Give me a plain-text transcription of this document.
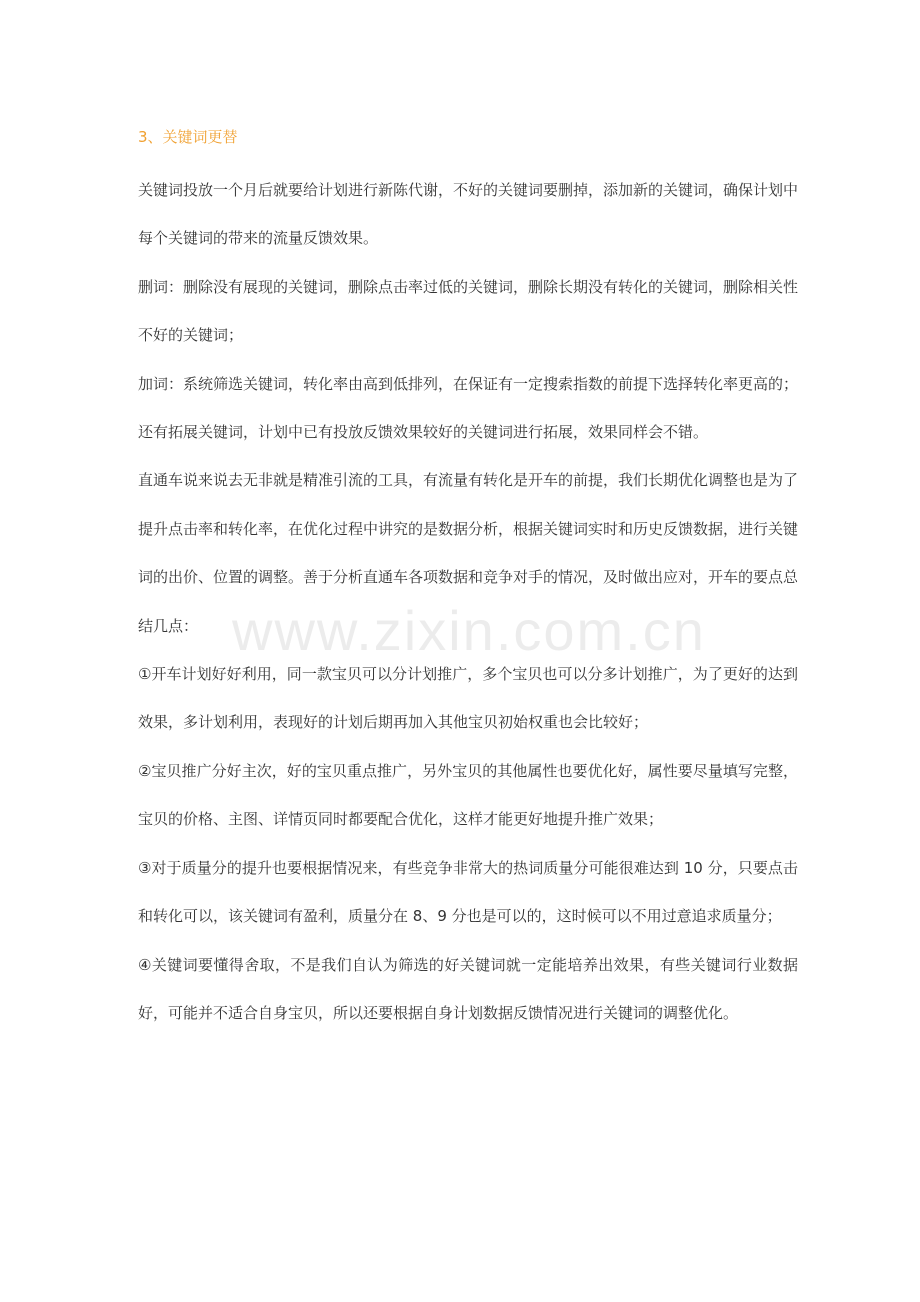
3、关键词更替

关键词投放一个月后就要给计划进行新陈代谢，不好的关键词要删掉，添加新的关键词，确保计划中每个关键词的带来的流量反馈效果。

删词：删除没有展现的关键词，删除点击率过低的关键词，删除长期没有转化的关键词，删除相关性不好的关键词；

加词：系统筛选关键词，转化率由高到低排列，在保证有一定搜索指数的前提下选择转化率更高的；还有拓展关键词，计划中已有投放反馈效果较好的关键词进行拓展，效果同样会不错。

直通车说来说去无非就是精准引流的工具，有流量有转化是开车的前提，我们长期优化调整也是为了提升点击率和转化率，在优化过程中讲究的是数据分析，根据关键词实时和历史反馈数据，进行关键词的出价、位置的调整。善于分析直通车各项数据和竞争对手的情况，及时做出应对，开车的要点总结几点：

①开车计划好好利用，同一款宝贝可以分计划推广，多个宝贝也可以分多计划推广，为了更好的达到效果，多计划利用，表现好的计划后期再加入其他宝贝初始权重也会比较好；

②宝贝推广分好主次，好的宝贝重点推广，另外宝贝的其他属性也要优化好，属性要尽量填写完整，宝贝的价格、主图、详情页同时都要配合优化，这样才能更好地提升推广效果；

③对于质量分的提升也要根据情况来，有些竞争非常大的热词质量分可能很难达到 10 分，只要点击和转化可以，该关键词有盈利，质量分在 8、9 分也是可以的，这时候可以不用过意追求质量分；

④关键词要懂得舍取，不是我们自认为筛选的好关键词就一定能培养出效果，有些关键词行业数据好，可能并不适合自身宝贝，所以还要根据自身计划数据反馈情况进行关键词的调整优化。

www.zixin.com.cn
